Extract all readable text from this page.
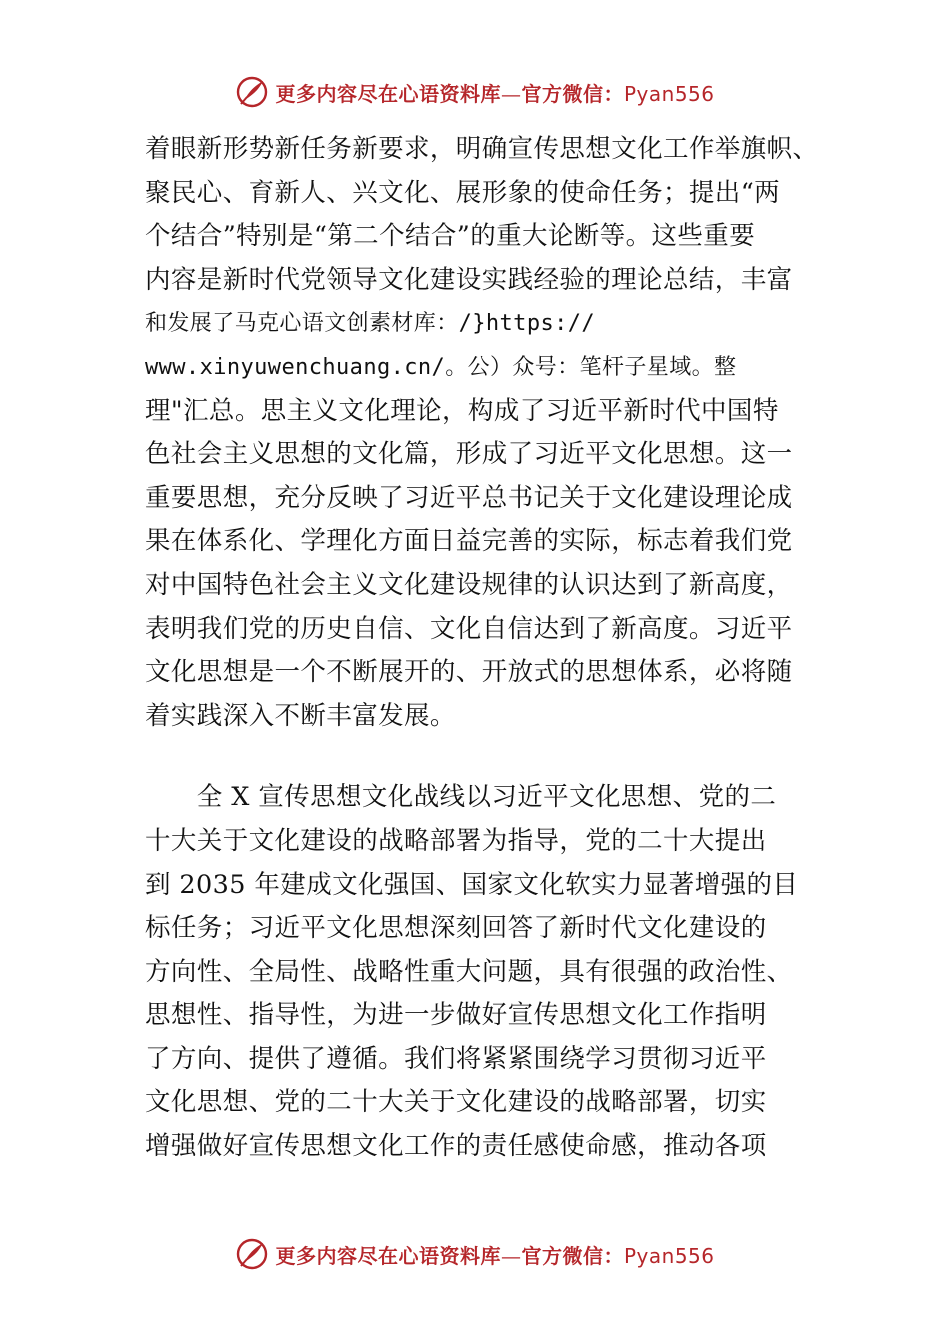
更多内容尽在心语资料库—官方微信：Pyan556
着眼新形势新任务新要求，明确宣传思想文化工作举旗帜、
聚民心、育新人、兴文化、展形象的使命任务；提出“两
个结合”特别是“第二个结合”的重大论断等。这些重要
内容是新时代党领导文化建设实践经验的理论总结，丰富
和发展了马克心语文创素材库：/}https://
www.xinyuwenchuang.cn/。公）众号：笔杆子星域。整
理"汇总。思主义文化理论，构成了习近平新时代中国特
色社会主义思想的文化篇，形成了习近平文化思想。这一
重要思想，充分反映了习近平总书记关于文化建设理论成
果在体系化、学理化方面日益完善的实际，标志着我们党
对中国特色社会主义文化建设规律的认识达到了新高度，
表明我们党的历史自信、文化自信达到了新高度。习近平
文化思想是一个不断展开的、开放式的思想体系，必将随
着实践深入不断丰富发展。
　　全 X 宣传思想文化战线以习近平文化思想、党的二
十大关于文化建设的战略部署为指导，党的二十大提出
到 2035 年建成文化强国、国家文化软实力显著增强的目
标任务；习近平文化思想深刻回答了新时代文化建设的
方向性、全局性、战略性重大问题，具有很强的政治性、
思想性、指导性，为进一步做好宣传思想文化工作指明
了方向、提供了遵循。我们将紧紧围绕学习贯彻习近平
文化思想、党的二十大关于文化建设的战略部署，切实
增强做好宣传思想文化工作的责任感使命感，推动各项
更多内容尽在心语资料库—官方微信：Pyan556
